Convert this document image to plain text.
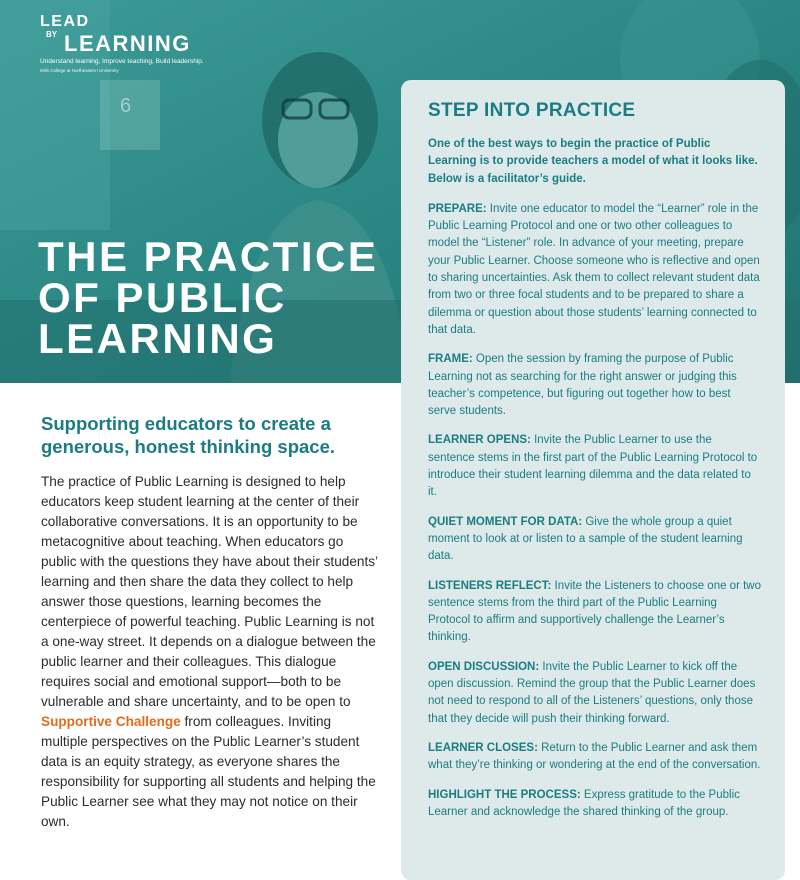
6
LEAD
BY LEARNING
Understand learning, Improve teaching, Build leadership.
Mills College at Northeastern University
THE PRACTICE
OF PUBLIC
LEARNING
Supporting educators to create a generous, honest thinking space.

The practice of Public Learning is designed to help educators keep student learning at the center of their collaborative conversations. It is an opportunity to be metacognitive about teaching. When educators go public with the questions they have about their students’ learning and then share the data they collect to help answer those questions, learning becomes the centerpiece of powerful teaching. Public Learning is not a one-way street. It depends on a dialogue between the public learner and their colleagues. This dialogue requires social and emotional support—both to be vulnerable and share uncertainty, and to be open to Supportive Challenge from colleagues. Inviting multiple perspectives on the Public Learner’s student data is an equity strategy, as everyone shares the responsibility for supporting all students and helping the Public Learner see what they may not notice on their own.

STEP INTO PRACTICE

One of the best ways to begin the practice of Public Learning is to provide teachers a model of what it looks like. Below is a facilitator’s guide.

PREPARE: Invite one educator to model the “Learner” role in the Public Learning Protocol and one or two other colleagues to model the “Listener” role. In advance of your meeting, prepare your Public Learner. Choose someone who is reflective and open to sharing uncertainties. Ask them to collect relevant student data from two or three focal students and to be prepared to share a dilemma or question about those students’ learning connected to that data.

FRAME: Open the session by framing the purpose of Public Learning not as searching for the right answer or judging this teacher’s competence, but figuring out together how to best serve students.

LEARNER OPENS: Invite the Public Learner to use the sentence stems in the first part of the Public Learning Protocol to introduce their student learning dilemma and the data related to it.

QUIET MOMENT FOR DATA: Give the whole group a quiet moment to look at or listen to a sample of the student learning data.

LISTENERS REFLECT: Invite the Listeners to choose one or two sentence stems from the third part of the Public Learning Protocol to affirm and supportively challenge the Learner’s thinking.

OPEN DISCUSSION: Invite the Public Learner to kick off the open discussion. Remind the group that the Public Learner does not need to respond to all of the Listeners’ questions, only those that they decide will push their thinking forward.

LEARNER CLOSES: Return to the Public Learner and ask them what they’re thinking or wondering at the end of the conversation.

HIGHLIGHT THE PROCESS: Express gratitude to the Public Learner and acknowledge the shared thinking of the group.
